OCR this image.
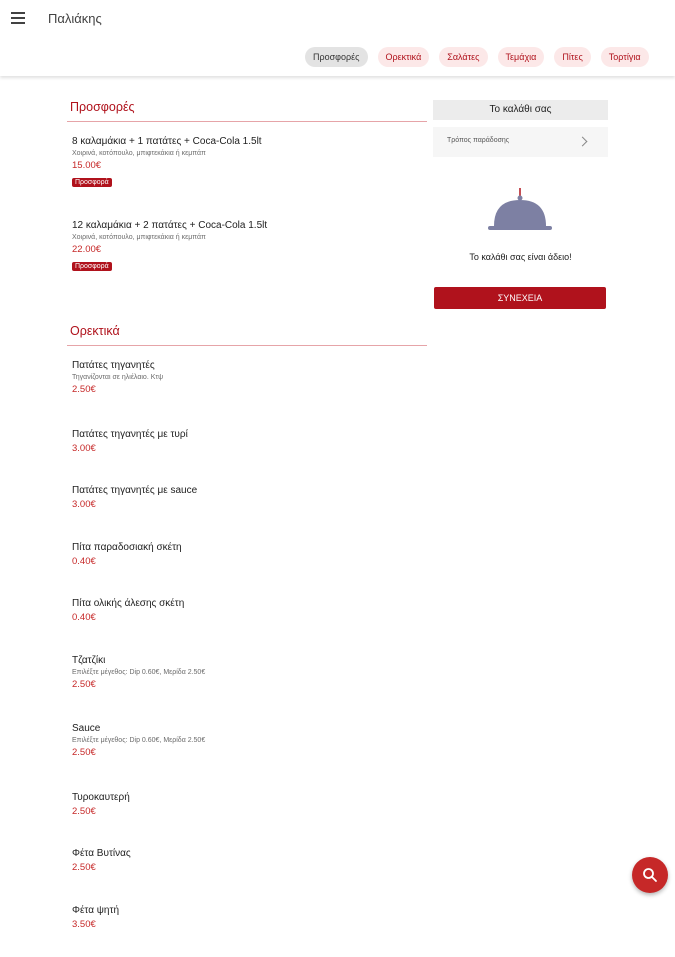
Παλιάκης
Προσφορές	Ορεκτικά	Σαλάτες	Τεμάχια	Πίτες	Τορτίγια
Προσφορές
8 καλαμάκια + 1 πατάτες + Coca-Cola 1.5lt
Χοιρινά, κοτόπουλο, μπιφτεκάκια ή κεμπάπ
15.00€
Προσφορά
12 καλαμάκια + 2 πατάτες + Coca-Cola 1.5lt
Χοιρινά, κοτόπουλο, μπιφτεκάκια ή κεμπάπ
22.00€
Προσφορά
Ορεκτικά
Πατάτες τηγανητές
Τηγανίζονται σε ηλιέλαιο. Κτψ
2.50€
Πατάτες τηγανητές με τυρί
3.00€
Πατάτες τηγανητές με sauce
3.00€
Πίτα παραδοσιακή σκέτη
0.40€
Πίτα ολικής άλεσης σκέτη
0.40€
Τζατζίκι
Επιλέξτε μέγεθος: Dip 0.60€, Μερίδα 2.50€
2.50€
Sauce
Επιλέξτε μέγεθος: Dip 0.60€, Μερίδα 2.50€
2.50€
Τυροκαυτερή
2.50€
Φέτα Βυτίνας
2.50€
Φέτα ψητή
3.50€
Το καλάθι σας
Τρόπος παράδοσης
Το καλάθι σας είναι άδειο!
ΣΥΝΕΧΕΙΑ
